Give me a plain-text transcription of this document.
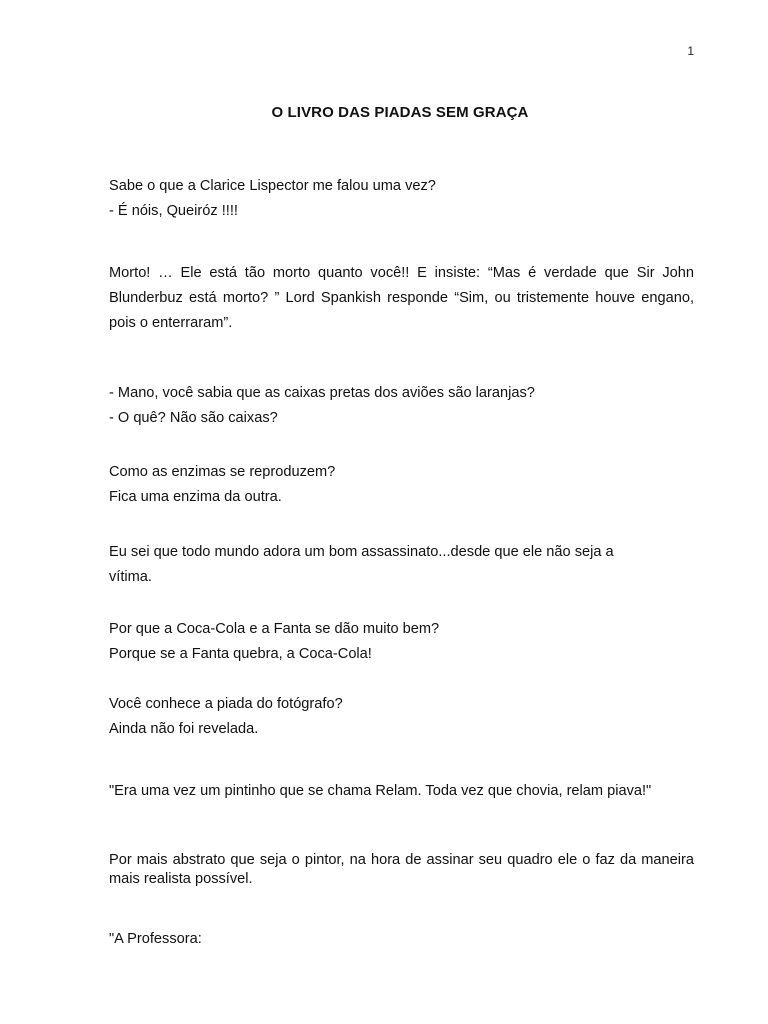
1
O LIVRO DAS PIADAS SEM GRAÇA
Sabe o que a Clarice Lispector me falou uma vez?
- É nóis, Queiróz !!!!
Morto! … Ele está tão morto quanto você!! E insiste: “Mas é verdade que Sir John Blunderbuz está morto? ” Lord Spankish responde “Sim, ou tristemente houve engano, pois o enterraram”.
- Mano, você sabia que as caixas pretas dos aviões são laranjas?
- O quê? Não são caixas?
Como as enzimas se reproduzem?
Fica uma enzima da outra.
Eu sei que todo mundo adora um bom assassinato...desde que ele não seja a
vítima.
Por que a Coca-Cola e a Fanta se dão muito bem?
Porque se a Fanta quebra, a Coca-Cola!
Você conhece a piada do fotógrafo?
Ainda não foi revelada.
"Era uma vez um pintinho que se chama Relam. Toda vez que chovia, relam piava!"
Por mais abstrato que seja o pintor, na hora de assinar seu quadro ele o faz da maneira mais realista possível.
"A Professora:
